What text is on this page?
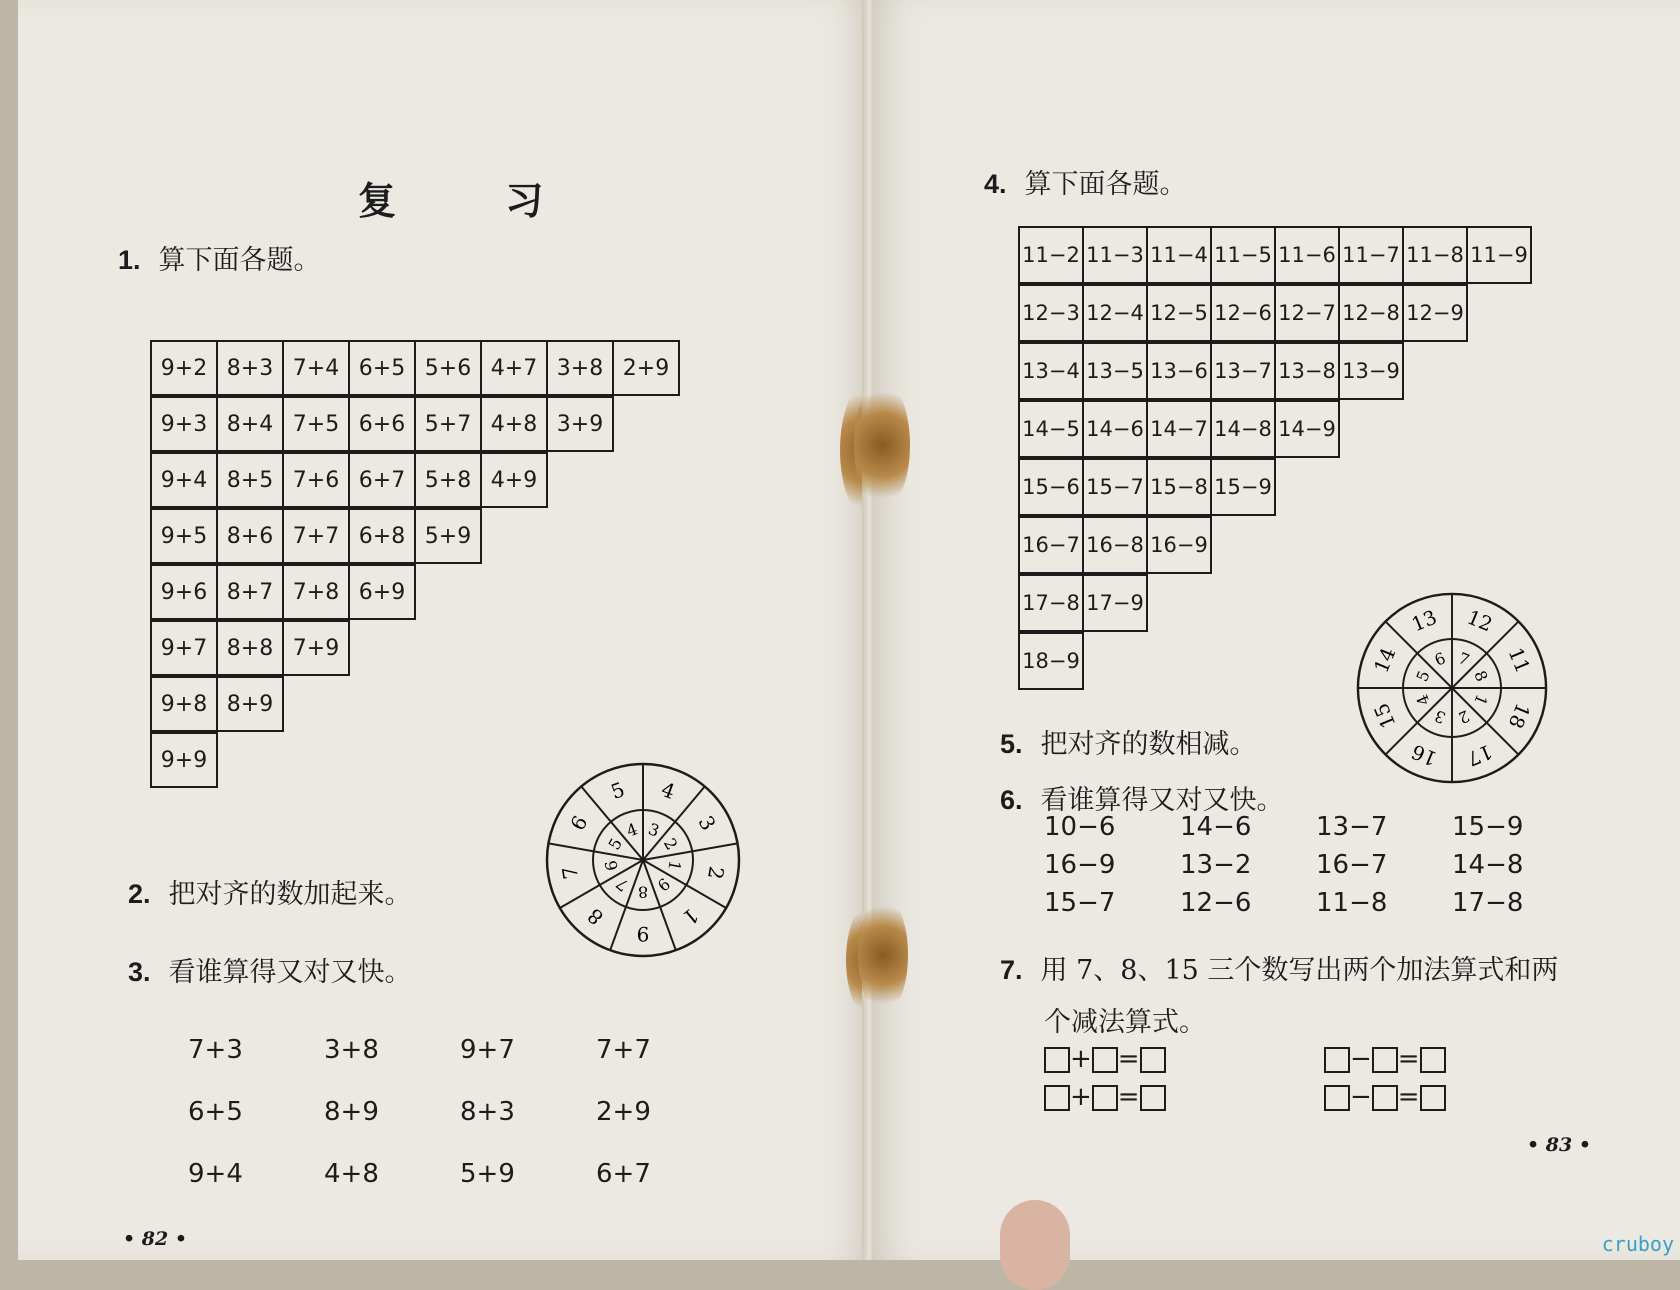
复 习
1. 算下面各题。
9+2 8+3 7+4 6+5 5+6 4+7 3+8 2+9
9+3 8+4 7+5 6+6 5+7 4+8 3+9
9+4 8+5 7+6 6+7 5+8 4+9
9+5 8+6 7+7 6+8 5+9
9+6 8+7 7+8 6+9
9+7 8+8 7+9
9+8 8+9
9+9
4
3 3
2
2
1
1
9
9
8
8
7
7 6
6
5
5
4
2. 把对齐的数加起来。
3. 看谁算得又对又快。
7+3	3+8	9+7	7+7
6+5	8+9	8+3	2+9
9+4	4+8	5+9	6+7
• 82 •
4. 算下面各题。
11−2 11−3 11−4 11−5 11−6 11−7 11−8 11−9
12−3 12−4 12−5 12−6 12−7 12−8 12−9
13−4 13−5 13−6 13−7 13−8 13−9
14−5 14−6 14−7 14−8 14−9
15−6 15−7 15−8 15−9
16−7 16−8 16−9
17−8 17−9
18−9
12
7 11
8
18
1
17
2
16
3
15 4
14 5
13
6
5. 把对齐的数相减。
6. 看谁算得又对又快。
10−6	14−6	13−7	15−9
16−9	13−2	16−7	14−8
15−7	12−6	11−8	17−8
7. 用 7、8、15 三个数写出两个加法算式和两
个减法算式。
+ =
+ =
− =
− =
• 83 •
cruboy
